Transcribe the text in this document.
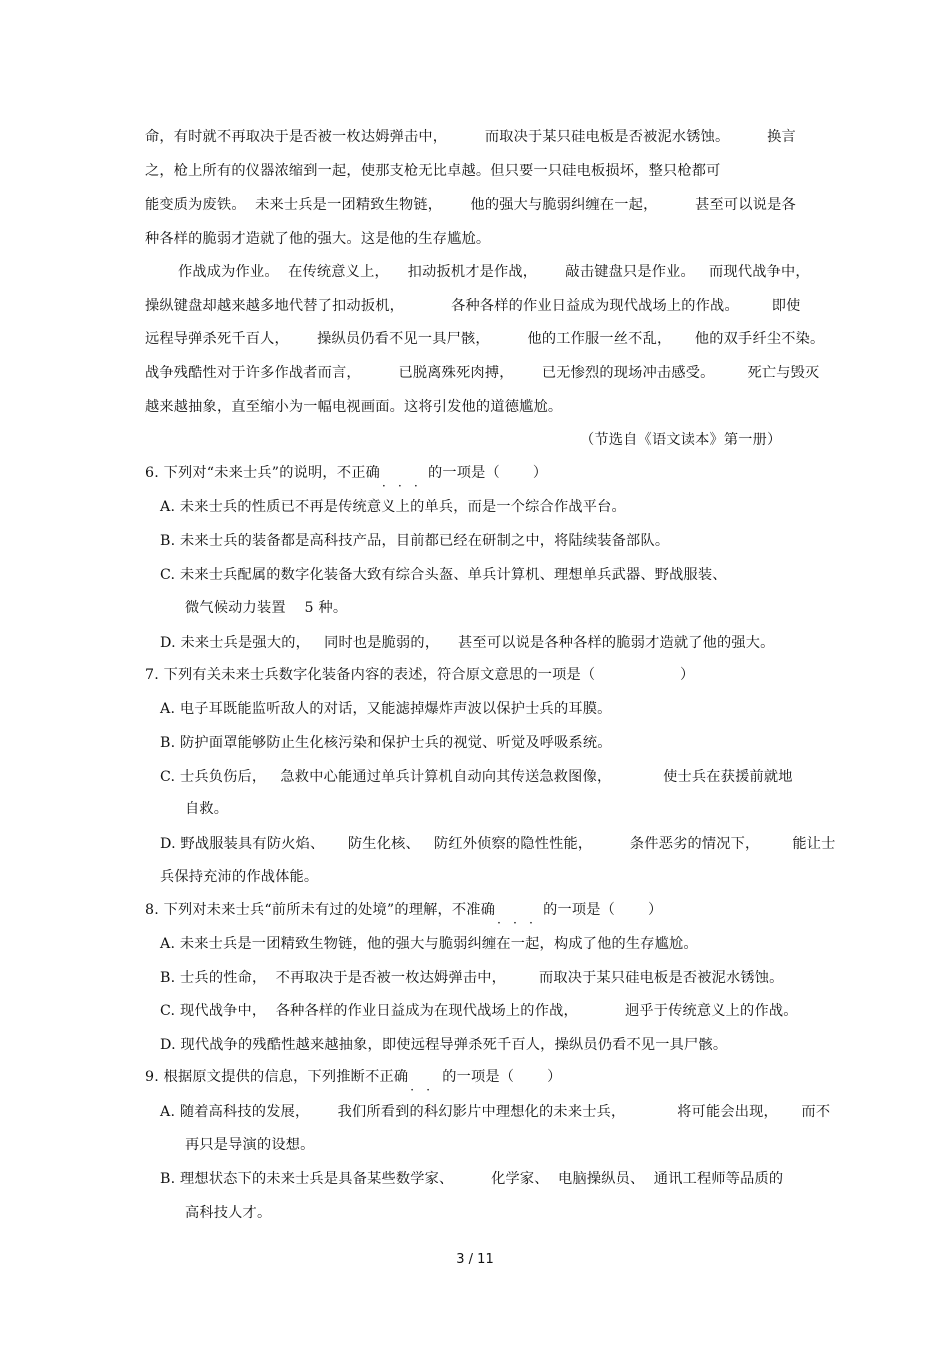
命，有时就不再取决于是否被一枚达姆弹击中，        而取决于某只硅电板是否被泥水锈蚀。        换言
之，枪上所有的仪器浓缩到一起，使那支枪无比卓越。但只要一只硅电板损坏，整只枪都可
能变质为废铁。  未来士兵是一团精致生物链，      他的强大与脆弱纠缠在一起，        甚至可以说是各
种各样的脆弱才造就了他的强大。这是他的生存尴尬。
作战成为作业。  在传统意义上，    扣动扳机才是作战，      敲击键盘只是作业。   而现代战争中，
操纵键盘却越来越多地代替了扣动扳机，          各种各样的作业日益成为现代战场上的作战。       即使
远程导弹杀死千百人，      操纵员仍看不见一具尸骸，        他的工作服一丝不乱，     他的双手纤尘不染。
战争残酷性对于许多作战者而言，        已脱离殊死肉搏，      已无惨烈的现场冲击感受。       死亡与毁灭
越来越抽象，直至缩小为一幅电视画面。这将引发他的道德尴尬。
（节选自《语文读本》第一册）
6. 下列对“未来士兵”的说明，不正确
． ． ．
的一项是（       ）
A. 未来士兵的性质已不再是传统意义上的单兵，而是一个综合作战平台。
B. 未来士兵的装备都是高科技产品，目前都已经在研制之中，将陆续装备部队。
C. 未来士兵配属的数字化装备大致有综合头盔、单兵计算机、理想单兵武器、野战服装、
微气候动力装置    5 种。
D. 未来士兵是强大的，   同时也是脆弱的，    甚至可以说是各种各样的脆弱才造就了他的强大。
7. 下列有关未来士兵数字化装备内容的表述，符合原文意思的一项是（                  ）
A. 电子耳既能监听敌人的对话，又能滤掉爆炸声波以保护士兵的耳膜。
B. 防护面罩能够防止生化核污染和保护士兵的视觉、听觉及呼吸系统。
C. 士兵负伤后，   急救中心能通过单兵计算机自动向其传送急救图像，           使士兵在获援前就地
自救。
D. 野战服装具有防火焰、     防生化核、   防红外侦察的隐性性能，        条件恶劣的情况下，       能让士
兵保持充沛的作战体能。
8. 下列对未来士兵“前所未有过的处境”的理解，不准确
． ． ．
的一项是（       ）
A. 未来士兵是一团精致生物链，他的强大与脆弱纠缠在一起，构成了他的生存尴尬。
B. 士兵的性命，  不再取决于是否被一枚达姆弹击中，       而取决于某只硅电板是否被泥水锈蚀。
C. 现代战争中，  各种各样的作业日益成为在现代战场上的作战，          迥乎于传统意义上的作战。
D. 现代战争的残酷性越来越抽象，即使远程导弹杀死千百人，操纵员仍看不见一具尸骸。
9. 根据原文提供的信息，下列推断不正确
． ．
的一项是（       ）
A. 随着高科技的发展，      我们所看到的科幻影片中理想化的未来士兵，           将可能会出现，     而不
再只是导演的设想。
B. 理想状态下的未来士兵是具备某些数学家、        化学家、  电脑操纵员、  通讯工程师等品质的
高科技人才。
3 / 11
